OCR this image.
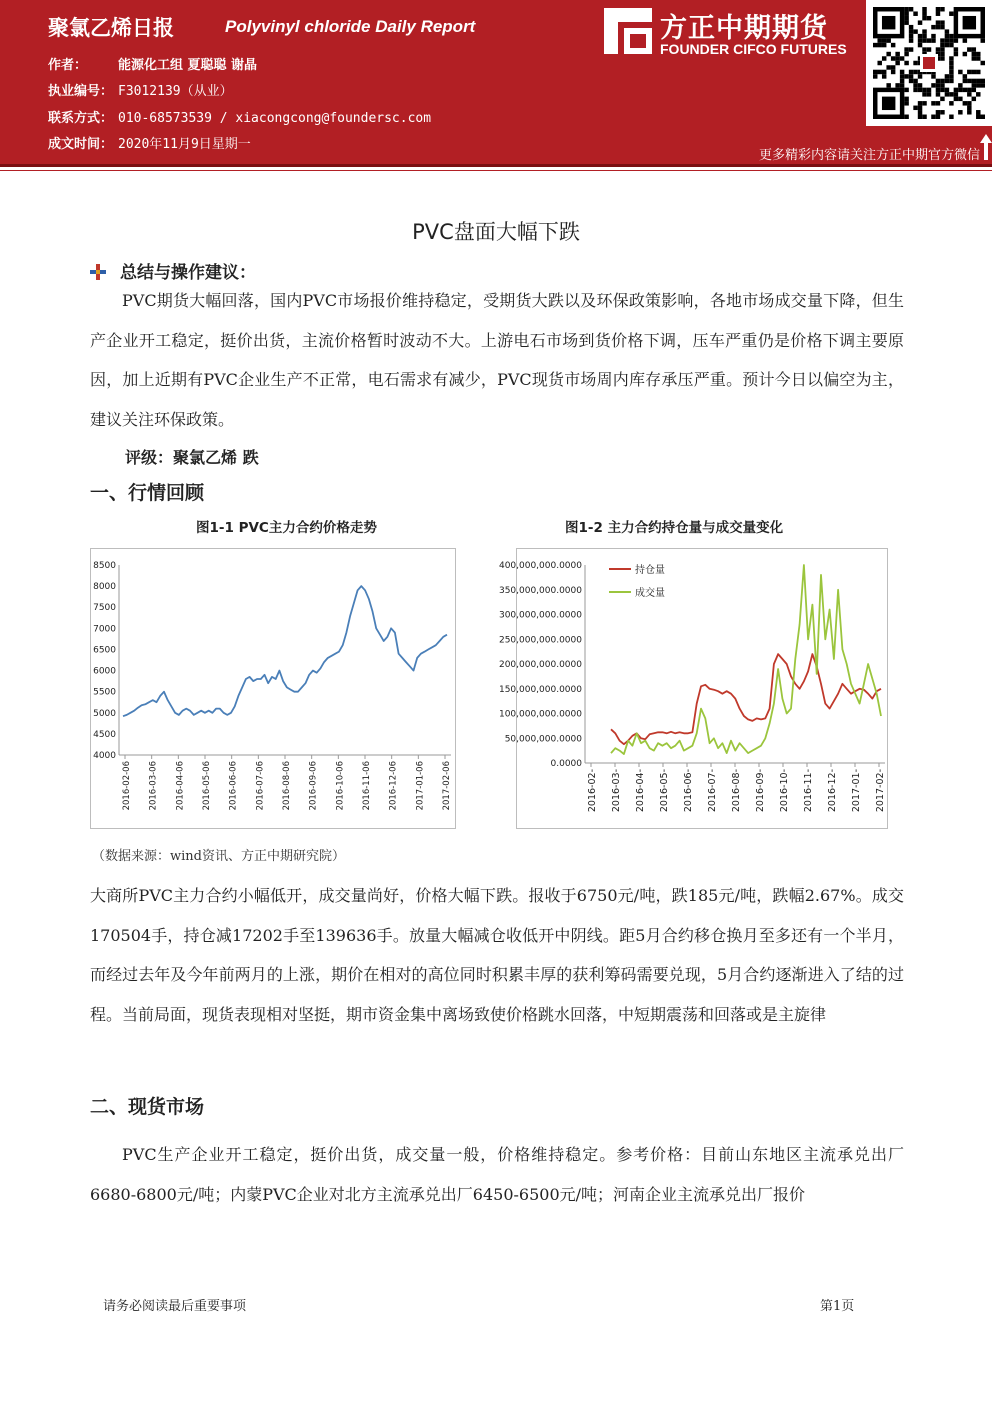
聚氯乙烯日报	Polyvinyl chloride Daily Report
作者： 能源化工组 夏聪聪 谢晶
执业编号： F3012139（从业）
联系方式： 010-68573539 / xiacongcong@foundersc.com
成文时间： 2020年11月9日星期一
方正中期期货
FOUNDER CIFCO FUTURES
更多精彩内容请关注方正中期官方微信
PVC盘面大幅下跌
总结与操作建议：
PVC期货大幅回落，国内PVC市场报价维持稳定，受期货大跌以及环保政策影响，各地市场成交量下降，但生产企业开工稳定，挺价出货，主流价格暂时波动不大。上游电石市场到货价格下调，压车严重仍是价格下调主要原因，加上近期有PVC企业生产不正常，电石需求有减少，PVC现货市场周内库存承压严重。预计今日以偏空为主，建议关注环保政策。
评级：聚氯乙烯 跌
一、行情回顾
图1-1 PVC主力合约价格走势	图1-2 主力合约持仓量与成交量变化
4000
4500
5000
5500
6000
6500
7000
7500
8000
8500
2016-02-06 2016-03-06 2016-04-06 2016-05-06 2016-06-06 2016-07-06 2016-08-06 2016-09-06 2016-10-06 2016-11-06 2016-12-06 2017-01-06 2017-02-06	0.0000
50,000,000.0000
100,000,000.0000
150,000,000.0000
200,000,000.0000
250,000,000.0000
300,000,000.0000
350,000,000.0000
400,000,000.0000
2016-02- 2016-03- 2016-04- 2016-05- 2016-06- 2016-07- 2016-08- 2016-09- 2016-10- 2016-11- 2016-12- 2017-01- 2017-02-
持仓量
成交量
（数据来源：wind资讯、方正中期研究院）
大商所PVC主力合约小幅低开，成交量尚好，价格大幅下跌。报收于6750元/吨，跌185元/吨，跌幅2.67%。成交170504手，持仓减17202手至139636手。放量大幅减仓收低开中阴线。距5月合约移仓换月至多还有一个半月，而经过去年及今年前两月的上涨，期价在相对的高位同时积累丰厚的获利筹码需要兑现，5月合约逐渐进入了结的过程。当前局面，现货表现相对坚挺，期市资金集中离场致使价格跳水回落，中短期震荡和回落或是主旋律
二、现货市场
PVC生产企业开工稳定，挺价出货，成交量一般，价格维持稳定。参考价格：目前山东地区主流承兑出厂6680-6800元/吨；内蒙PVC企业对北方主流承兑出厂6450-6500元/吨；河南企业主流承兑出厂报价
请务必阅读最后重要事项	第1页
